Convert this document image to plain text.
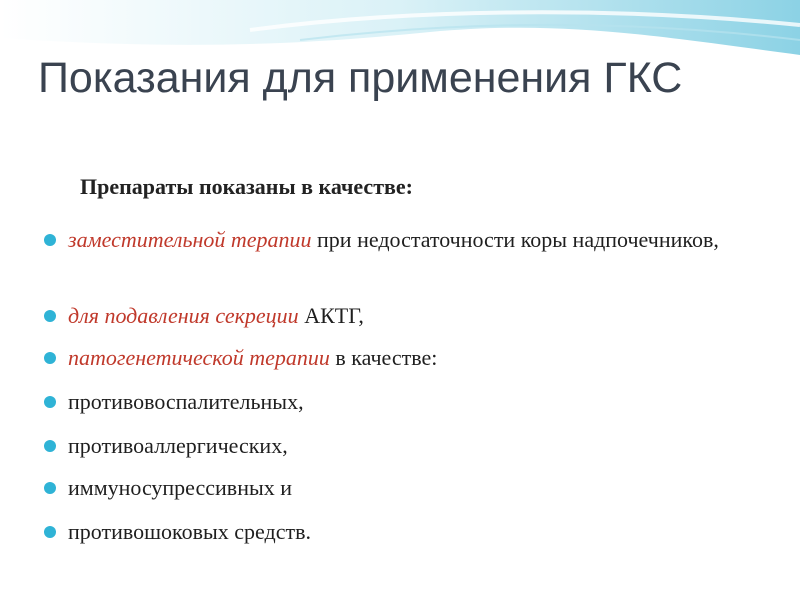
Показания для применения ГКС

Препараты показаны в качестве:

заместительной терапии при недостаточности коры надпочечников,
для подавления секреции АКТГ,
патогенетической терапии в качестве:
противовоспалительных,
противоаллергических,
иммуносупрессивных и
противошоковых средств.
